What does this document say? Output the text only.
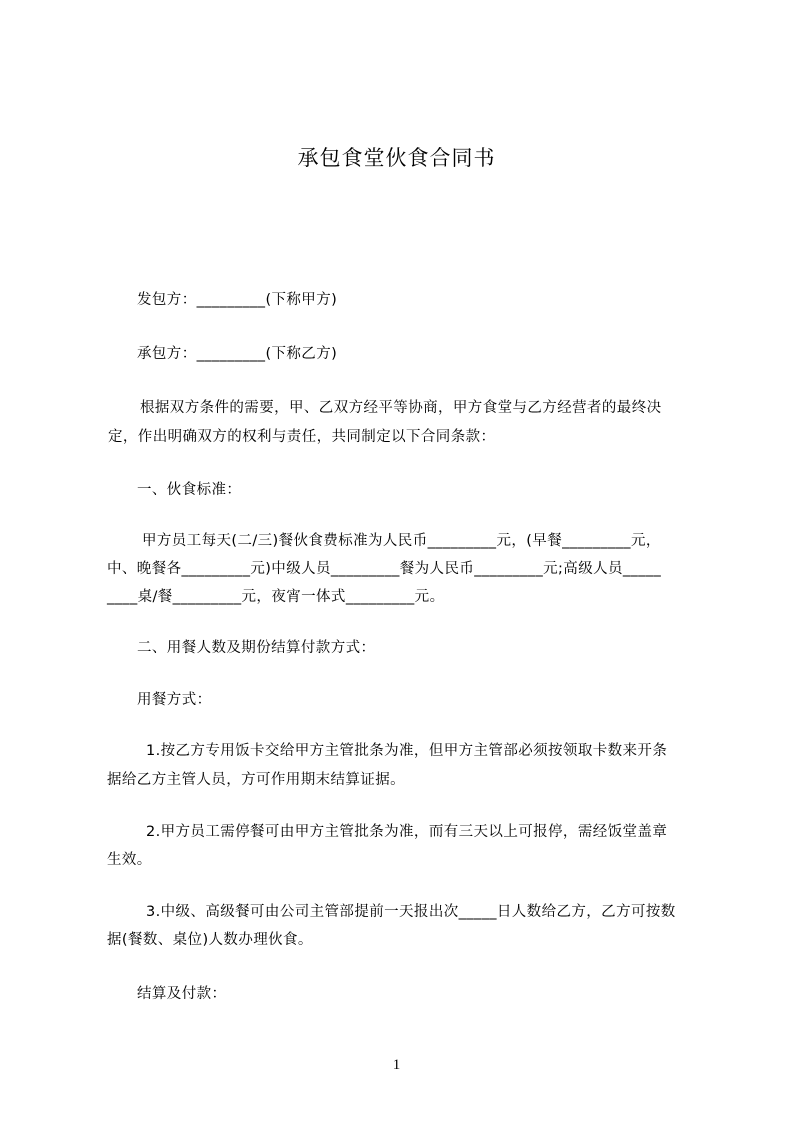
承包食堂伙食合同书
发包方：_________(下称甲方)
承包方：_________(下称乙方)
根据双方条件的需要，甲、乙双方经平等协商，甲方食堂与乙方经营者的最终决
定，作出明确双方的权利与责任，共同制定以下合同条款：
一、伙食标准：
甲方员工每天(二/三)餐伙食费标准为人民币_________元，(早餐_________元，
中、晚餐各_________元)中级人员_________餐为人民币_________元;高级人员_____
____桌/餐_________元，夜宵一体式_________元。
二、用餐人数及期份结算付款方式：
用餐方式：
1.按乙方专用饭卡交给甲方主管批条为准，但甲方主管部必须按领取卡数来开条
据给乙方主管人员，方可作用期末结算证据。
2.甲方员工需停餐可由甲方主管批条为准，而有三天以上可报停，需经饭堂盖章
生效。
3.中级、高级餐可由公司主管部提前一天报出次_____日人数给乙方，乙方可按数
据(餐数、桌位)人数办理伙食。
结算及付款：
1
